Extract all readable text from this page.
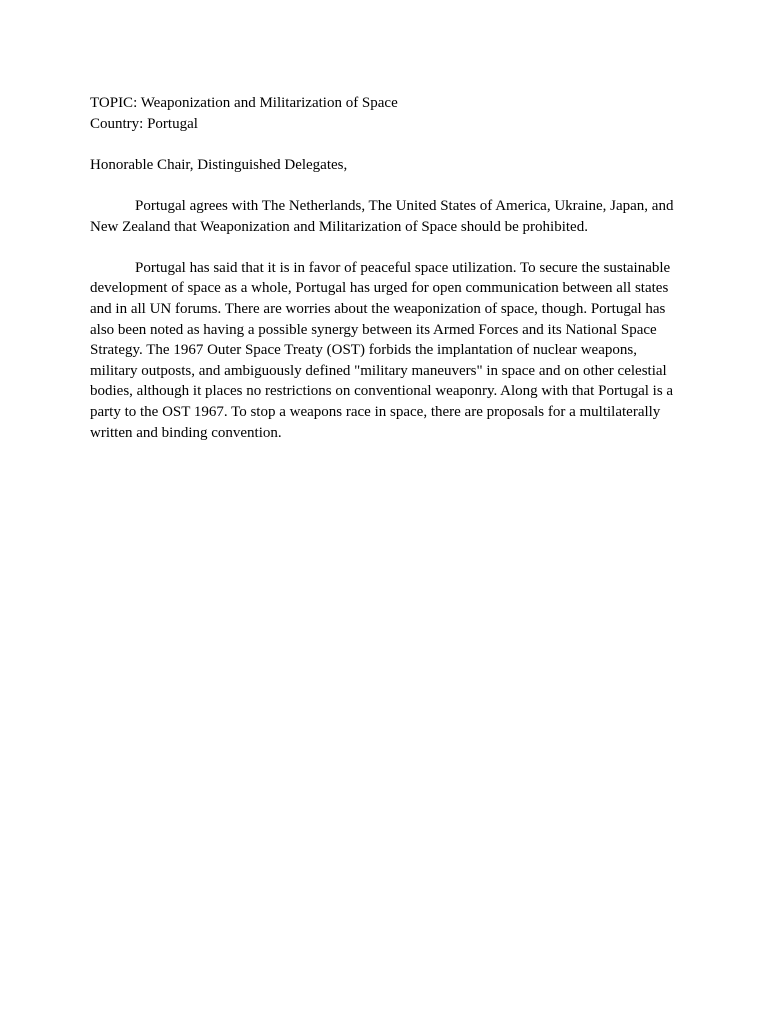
TOPIC: Weaponization and Militarization of Space
Country: Portugal
Honorable Chair, Distinguished Delegates,
Portugal agrees with The Netherlands, The United States of America, Ukraine, Japan, and
New Zealand that Weaponization and Militarization of Space should be prohibited.
Portugal has said that it is in favor of peaceful space utilization. To secure the sustainable
development of space as a whole, Portugal has urged for open communication between all states
and in all UN forums. There are worries about the weaponization of space, though. Portugal has
also been noted as having a possible synergy between its Armed Forces and its National Space
Strategy. The 1967 Outer Space Treaty (OST) forbids the implantation of nuclear weapons,
military outposts, and ambiguously defined "military maneuvers" in space and on other celestial
bodies, although it places no restrictions on conventional weaponry. Along with that Portugal is a
party to the OST 1967. To stop a weapons race in space, there are proposals for a multilaterally
written and binding convention.
